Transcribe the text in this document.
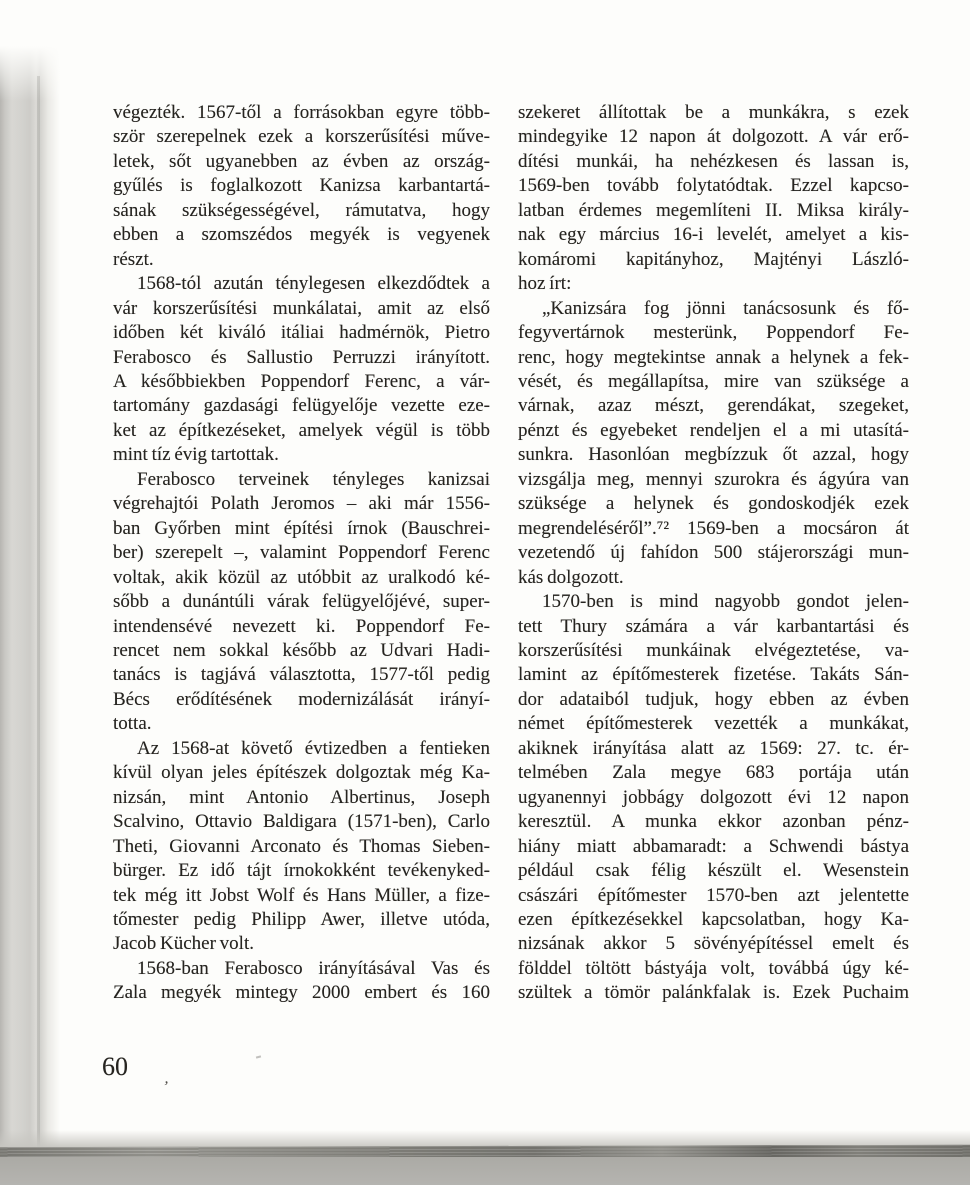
végezték. 1567-től a forrásokban egyre több-
ször szerepelnek ezek a korszerűsítési műve-
letek, sőt ugyanebben az évben az ország-
gyűlés is foglalkozott Kanizsa karbantartá-
sának szükségességével, rámutatva, hogy
ebben a szomszédos megyék is vegyenek
részt.
1568-tól azután ténylegesen elkezdődtek a
vár korszerűsítési munkálatai, amit az első
időben két kiváló itáliai hadmérnök, Pietro
Ferabosco és Sallustio Perruzzi irányított.
A későbbiekben Poppendorf Ferenc, a vár-
tartomány gazdasági felügyelője vezette eze-
ket az építkezéseket, amelyek végül is több
mint tíz évig tartottak.
Ferabosco terveinek tényleges kanizsai
végrehajtói Polath Jeromos – aki már 1556-
ban Győrben mint építési írnok (Bauschrei-
ber) szerepelt –, valamint Poppendorf Ferenc
voltak, akik közül az utóbbit az uralkodó ké-
sőbb a dunántúli várak felügyelőjévé, super-
intendensévé nevezett ki. Poppendorf Fe-
rencet nem sokkal később az Udvari Hadi-
tanács is tagjává választotta, 1577-től pedig
Bécs erődítésének modernizálását irányí-
totta.
Az 1568-at követő évtizedben a fentieken
kívül olyan jeles építészek dolgoztak még Ka-
nizsán, mint Antonio Albertinus, Joseph
Scalvino, Ottavio Baldigara (1571-ben), Carlo
Theti, Giovanni Arconato és Thomas Sieben-
bürger. Ez idő tájt írnokokként tevékenyked-
tek még itt Jobst Wolf és Hans Müller, a fize-
tőmester pedig Philipp Awer, illetve utóda,
Jacob Kücher volt.
1568-ban Ferabosco irányításával Vas és
Zala megyék mintegy 2000 embert és 160
szekeret állítottak be a munkákra, s ezek
mindegyike 12 napon át dolgozott. A vár erő-
dítési munkái, ha nehézkesen és lassan is,
1569-ben tovább folytatódtak. Ezzel kapcso-
latban érdemes megemlíteni II. Miksa király-
nak egy március 16-i levelét, amelyet a kis-
komáromi kapitányhoz, Majtényi László-
hoz írt:
„Kanizsára fog jönni tanácsosunk és fő-
fegyvertárnok mesterünk, Poppendorf Fe-
renc, hogy megtekintse annak a helynek a fek-
vését, és megállapítsa, mire van szüksége a
várnak, azaz mészt, gerendákat, szegeket,
pénzt és egyebeket rendeljen el a mi utasítá-
sunkra. Hasonlóan megbízzuk őt azzal, hogy
vizsgálja meg, mennyi szurokra és ágyúra van
szüksége a helynek és gondoskodjék ezek
megrendeléséről”.⁷² 1569-ben a mocsáron át
vezetendő új fahídon 500 stájerországi mun-
kás dolgozott.
1570-ben is mind nagyobb gondot jelen-
tett Thury számára a vár karbantartási és
korszerűsítési munkáinak elvégeztetése, va-
lamint az építőmesterek fizetése. Takáts Sán-
dor adataiból tudjuk, hogy ebben az évben
német építőmesterek vezették a munkákat,
akiknek irányítása alatt az 1569: 27. tc. ér-
telmében Zala megye 683 portája után
ugyanennyi jobbágy dolgozott évi 12 napon
keresztül. A munka ekkor azonban pénz-
hiány miatt abbamaradt: a Schwendi bástya
például csak félig készült el. Wesenstein
császári építőmester 1570-ben azt jelentette
ezen építkezésekkel kapcsolatban, hogy Ka-
nizsának akkor 5 sövényépítéssel emelt és
földdel töltött bástyája volt, továbbá úgy ké-
szültek a tömör palánkfalak is. Ezek Puchaim
60 ,
